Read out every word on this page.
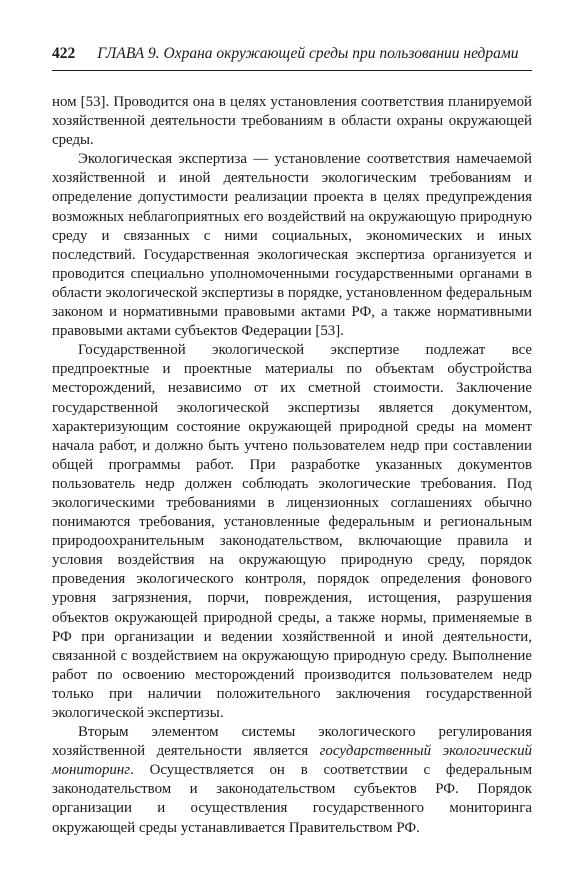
422 ГЛАВА 9. Охрана окружающей среды при пользовании недрами

ном [53]. Проводится она в целях установления соответствия планируемой хозяйственной деятельности требованиям в области охраны окружающей среды.

Экологическая экспертиза — установление соответствия намечаемой хозяйственной и иной деятельности экологическим требованиям и определение допустимости реализации проекта в целях предупреждения возможных неблагоприятных его воздействий на окружающую природную среду и связанных с ними социальных, экономических и иных последствий. Государственная экологическая экспертиза организуется и проводится специально уполномоченными государственными органами в области экологической экспертизы в порядке, установленном федеральным законом и нормативными правовыми актами РФ, а также нормативными правовыми актами субъектов Федерации [53].

Государственной экологической экспертизе подлежат все предпроектные и проектные материалы по объектам обустройства месторождений, независимо от их сметной стоимости. Заключение государственной экологической экспертизы является документом, характеризующим состояние окружающей природной среды на момент начала работ, и должно быть учтено пользователем недр при составлении общей программы работ. При разработке указанных документов пользователь недр должен соблюдать экологические требования. Под экологическими требованиями в лицензионных соглашениях обычно понимаются требования, установленные федеральным и региональным природоохранительным законодательством, включающие правила и условия воздействия на окружающую природную среду, порядок проведения экологического контроля, порядок определения фонового уровня загрязнения, порчи, повреждения, истощения, разрушения объектов окружающей природной среды, а также нормы, применяемые в РФ при организации и ведении хозяйственной и иной деятельности, связанной с воздействием на окружающую природную среду. Выполнение работ по освоению месторождений производится пользователем недр только при наличии положительного заключения государственной экологической экспертизы.

Вторым элементом системы экологического регулирования хозяйственной деятельности является государственный экологический мониторинг. Осуществляется он в соответствии с федеральным законодательством и законодательством субъектов РФ. Порядок организации и осуществления государственного мониторинга окружающей среды устанавливается Правительством РФ.
